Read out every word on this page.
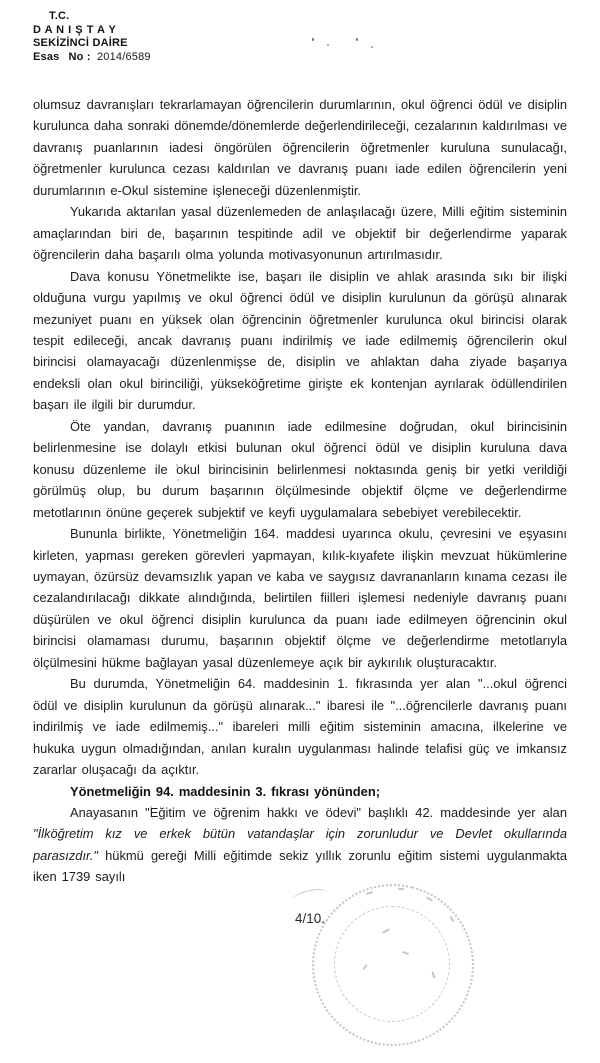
T.C.
D A N I Ş T A Y
SEKİZİNCİ DAİRE
Esas No : 2014/6589

olumsuz davranışları tekrarlamayan öğrencilerin durumlarının, okul öğrenci ödül ve disiplin kurulunca daha sonraki dönemde/dönemlerde değerlendirileceği, cezalarının kaldırılması ve davranış puanlarının iadesi öngörülen öğrencilerin öğretmenler kuruluna sunulacağı, öğretmenler kurulunca cezası kaldırılan ve davranış puanı iade edilen öğrencilerin yeni durumlarının e-Okul sistemine işleneceği düzenlenmiştir.

Yukarıda aktarılan yasal düzenlemeden de anlaşılacağı üzere, Milli eğitim sisteminin amaçlarından biri de, başarının tespitinde adil ve objektif bir değerlendirme yaparak öğrencilerin daha başarılı olma yolunda motivasyonunun artırılmasıdır.

Dava konusu Yönetmelikte ise, başarı ile disiplin ve ahlak arasında sıkı bir ilişki olduğuna vurgu yapılmış ve okul öğrenci ödül ve disiplin kurulunun da görüşü alınarak mezuniyet puanı en yüksek olan öğrencinin öğretmenler kurulunca okul birincisi olarak tespit edileceği, ancak davranış puanı indirilmiş ve iade edilmemiş öğrencilerin okul birincisi olamayacağı düzenlenmişse de, disiplin ve ahlaktan daha ziyade başarıya endeksli olan okul birinciliği, yükseköğretime girişte ek kontenjan ayrılarak ödüllendirilen başarı ile ilgili bir durumdur.

Öte yandan, davranış puanının iade edilmesine doğrudan, okul birincisinin belirlenmesine ise dolaylı etkisi bulunan okul öğrenci ödül ve disiplin kuruluna dava konusu düzenleme ile okul birincisinin belirlenmesi noktasında geniş bir yetki verildiği görülmüş olup, bu durum başarının ölçülmesinde objektif ölçme ve değerlendirme metotlarının önüne geçerek subjektif ve keyfi uygulamalara sebebiyet verebilecektir.

Bununla birlikte, Yönetmeliğin 164. maddesi uyarınca okulu, çevresini ve eşyasını kirleten, yapması gereken görevleri yapmayan, kılık-kıyafete ilişkin mevzuat hükümlerine uymayan, özürsüz devamsızlık yapan ve kaba ve saygısız davrananların kınama cezası ile cezalandırılacağı dikkate alındığında, belirtilen fiilleri işlemesi nedeniyle davranış puanı düşürülen ve okul öğrenci disiplin kurulunca da puanı iade edilmeyen öğrencinin okul birincisi olamaması durumu, başarının objektif ölçme ve değerlendirme metotlarıyla ölçülmesini hükme bağlayan yasal düzenlemeye açık bir aykırılık oluşturacaktır.

Bu durumda, Yönetmeliğin 64. maddesinin 1. fıkrasında yer alan "...okul öğrenci ödül ve disiplin kurulunun da görüşü alınarak..." ibaresi ile "...öğrencilerle davranış puanı indirilmiş ve iade edilmemiş..." ibareleri milli eğitim sisteminin amacına, ilkelerine ve hukuka uygun olmadığından, anılan kuralın uygulanması halinde telafisi güç ve imkansız zararlar oluşacağı da açıktır.

Yönetmeliğin 94. maddesinin 3. fıkrası yönünden;

Anayasanın "Eğitim ve öğrenim hakkı ve ödevi" başlıklı 42. maddesinde yer alan "İlköğretim kız ve erkek bütün vatandaşlar için zorunludur ve Devlet okullarında parasızdır." hükmü gereği Milli eğitimde sekiz yıllık zorunlu eğitim sistemi uygulanmakta iken 1739 sayılı

4/10.
